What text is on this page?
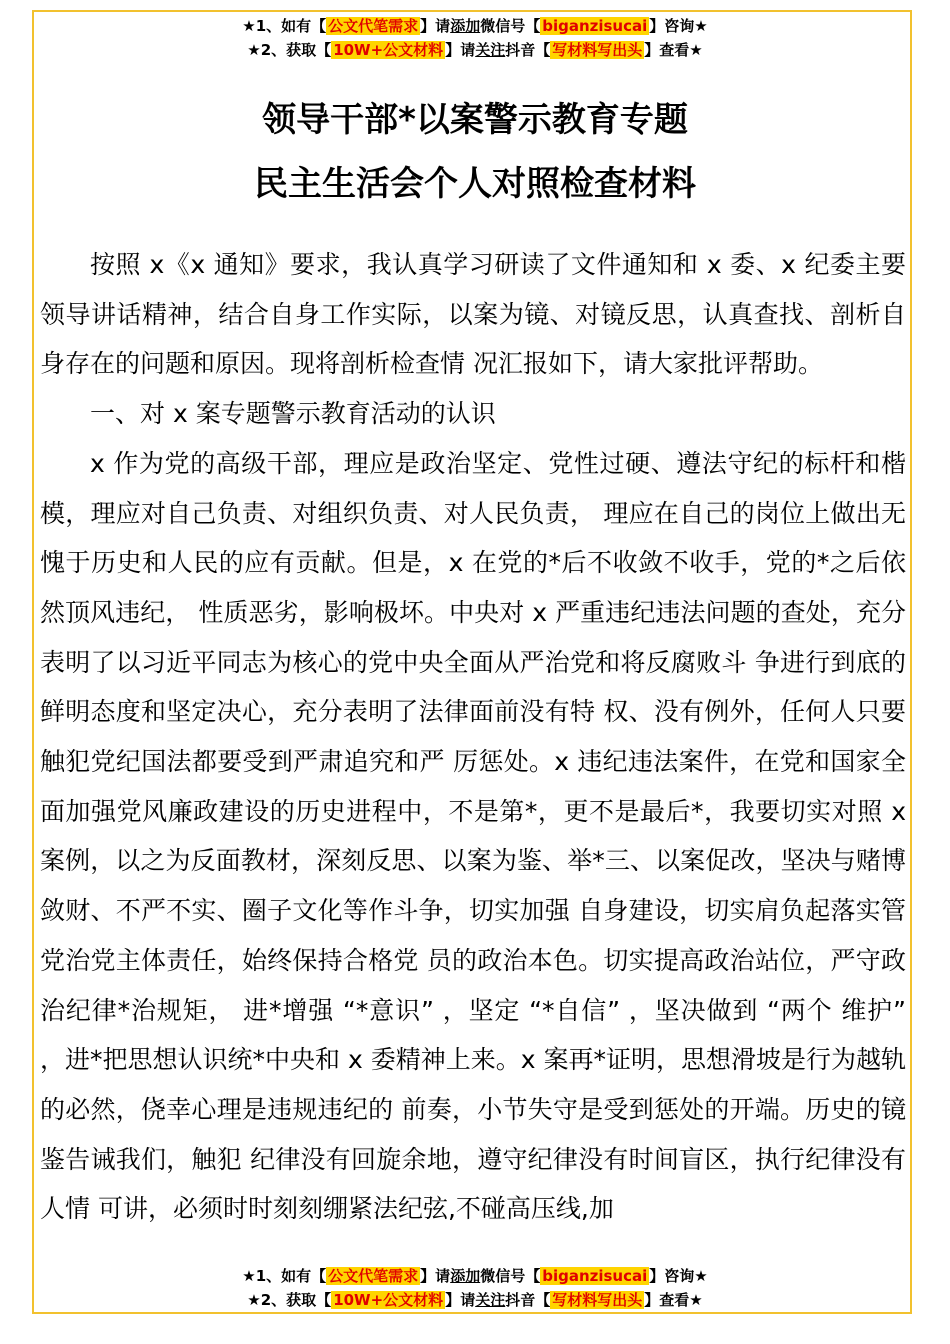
★1、如有【 公文代笔需求 】请添加微信号【 biganzisucai 】咨询★
★2、获取【 10W+公文材料 】请关注抖音【 写材料写出头 】查看★
领导干部*以案警示教育专题
民主生活会个人对照检查材料

按照 x《x 通知》要求，我认真学习研读了文件通知和 x 委、x 纪委主要领导讲话精神，结合自身工作实际，以案为镜、对镜反思，认真查找、剖析自身存在的问题和原因。现将剖析检查情 况汇报如下，请大家批评帮助。

一、对 x 案专题警示教育活动的认识

x 作为党的高级干部，理应是政治坚定、党性过硬、遵法守纪的标杆和楷模，理应对自己负责、对组织负责、对人民负责， 理应在自己的岗位上做出无愧于历史和人民的应有贡献。但是，x 在党的*后不收敛不收手，党的*之后依然顶风违纪， 性质恶劣，影响极坏。中央对 x 严重违纪违法问题的查处，充分表明了以习近平同志为核心的党中央全面从严治党和将反腐败斗 争进行到底的鲜明态度和坚定决心，充分表明了法律面前没有特 权、没有例外，任何人只要触犯党纪国法都要受到严肃追究和严 厉惩处。x 违纪违法案件，在党和国家全面加强党风廉政建设的历史进程中，不是第*，更不是最后*，我要切实对照 x 案例，以之为反面教材，深刻反思、以案为鉴、举*三、以案促改，坚决与赌博敛财、不严不实、圈子文化等作斗争，切实加强 自身建设，切实肩负起落实管党治党主体责任，始终保持合格党 员的政治本色。切实提高政治站位，严守政治纪律*治规矩， 进*增强 “*意识” ，坚定 “*自信” ，坚决做到 “两个 维护” ，进*把思想认识统*中央和 x 委精神上来。x 案再*证明，思想滑坡是行为越轨的必然，侥幸心理是违规违纪的 前奏，小节失守是受到惩处的开端。历史的镜鉴告诫我们，触犯 纪律没有回旋余地，遵守纪律没有时间盲区，执行纪律没有人情 可讲，必须时时刻刻绷紧法纪弦,不碰高压线,加

★1、如有【 公文代笔需求 】请添加微信号【 biganzisucai 】咨询★
★2、获取【 10W+公文材料 】请关注抖音【 写材料写出头 】查看★
